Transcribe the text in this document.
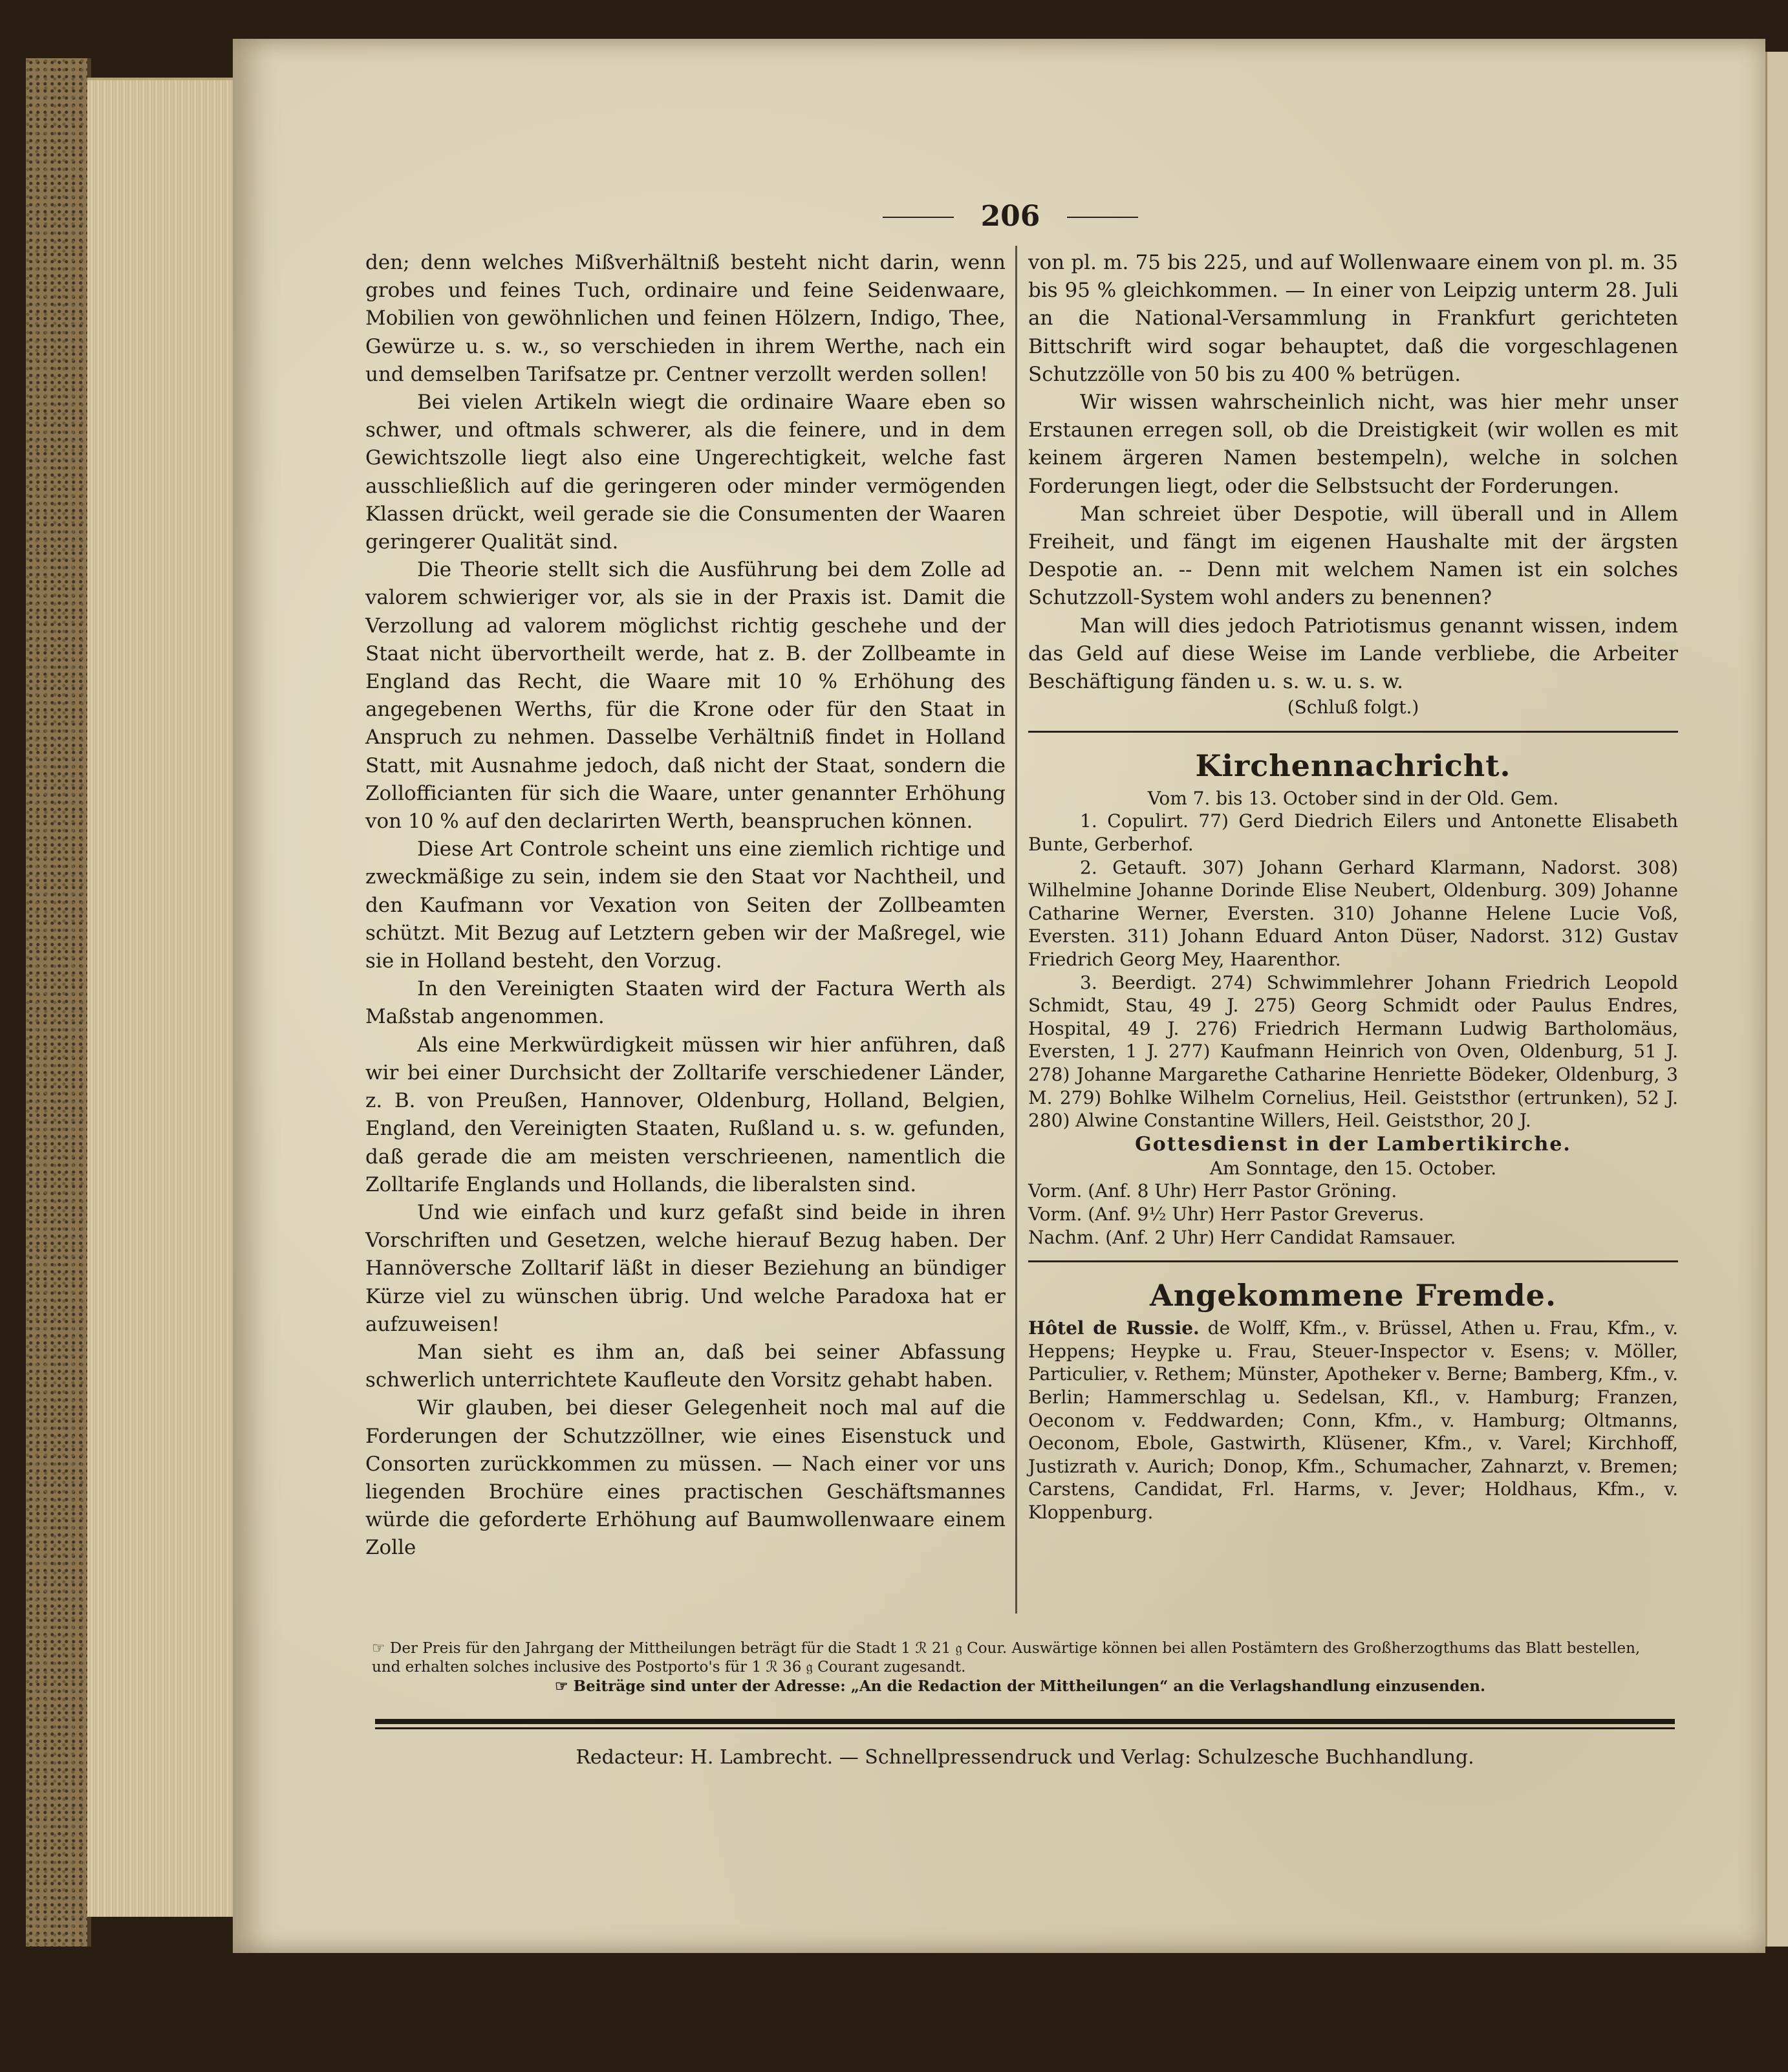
206

den; denn welches Mißverhältniß besteht nicht darin, wenn grobes und feines Tuch, ordinaire und feine Seidenwaare, Mobilien von gewöhnlichen und feinen Hölzern, Indigo, Thee, Gewürze u. s. w., so verschieden in ihrem Werthe, nach ein und demselben Tarifsatze pr. Centner verzollt werden sollen!

Bei vielen Artikeln wiegt die ordinaire Waare eben so schwer, und oftmals schwerer, als die feinere, und in dem Gewichtszolle liegt also eine Ungerechtigkeit, welche fast ausschließlich auf die geringeren oder minder vermögenden Klassen drückt, weil gerade sie die Consumenten der Waaren geringerer Qualität sind.

Die Theorie stellt sich die Ausführung bei dem Zolle ad valorem schwieriger vor, als sie in der Praxis ist. Damit die Verzollung ad valorem möglichst richtig geschehe und der Staat nicht übervortheilt werde, hat z. B. der Zollbeamte in England das Recht, die Waare mit 10 % Erhöhung des angegebenen Werths, für die Krone oder für den Staat in Anspruch zu nehmen. Dasselbe Verhältniß findet in Holland Statt, mit Ausnahme jedoch, daß nicht der Staat, sondern die Zollofficianten für sich die Waare, unter genannter Erhöhung von 10 % auf den declarirten Werth, beanspruchen können.

Diese Art Controle scheint uns eine ziemlich richtige und zweckmäßige zu sein, indem sie den Staat vor Nachtheil, und den Kaufmann vor Vexation von Seiten der Zollbeamten schützt. Mit Bezug auf Letztern geben wir der Maßregel, wie sie in Holland besteht, den Vorzug.

In den Vereinigten Staaten wird der Factura Werth als Maßstab angenommen.

Als eine Merkwürdigkeit müssen wir hier anführen, daß wir bei einer Durchsicht der Zolltarife verschiedener Länder, z. B. von Preußen, Hannover, Oldenburg, Holland, Belgien, England, den Vereinigten Staaten, Rußland u. s. w. gefunden, daß gerade die am meisten verschrieenen, namentlich die Zolltarife Englands und Hollands, die liberalsten sind.

Und wie einfach und kurz gefaßt sind beide in ihren Vorschriften und Gesetzen, welche hierauf Bezug haben. Der Hannöversche Zolltarif läßt in dieser Beziehung an bündiger Kürze viel zu wünschen übrig. Und welche Paradoxa hat er aufzuweisen!

Man sieht es ihm an, daß bei seiner Abfassung schwerlich unterrichtete Kaufleute den Vorsitz gehabt haben.

Wir glauben, bei dieser Gelegenheit noch mal auf die Forderungen der Schutzzöllner, wie eines Eisenstuck und Consorten zurückkommen zu müssen. — Nach einer vor uns liegenden Brochüre eines practischen Geschäftsmannes würde die geforderte Erhöhung auf Baumwollenwaare einem Zolle

von pl. m. 75 bis 225, und auf Wollenwaare einem von pl. m. 35 bis 95 % gleichkommen. — In einer von Leipzig unterm 28. Juli an die National-Versammlung in Frankfurt gerichteten Bittschrift wird sogar behauptet, daß die vorgeschlagenen Schutzzölle von 50 bis zu 400 % betrügen.

Wir wissen wahrscheinlich nicht, was hier mehr unser Erstaunen erregen soll, ob die Dreistigkeit (wir wollen es mit keinem ärgeren Namen bestempeln), welche in solchen Forderungen liegt, oder die Selbstsucht der Forderungen.

Man schreiet über Despotie, will überall und in Allem Freiheit, und fängt im eigenen Haushalte mit der ärgsten Despotie an. -- Denn mit welchem Namen ist ein solches Schutzzoll-System wohl anders zu benennen?

Man will dies jedoch Patriotismus genannt wissen, indem das Geld auf diese Weise im Lande verbliebe, die Arbeiter Beschäftigung fänden u. s. w. u. s. w.

(Schluß folgt.)

Kirchennachricht.

Vom 7. bis 13. October sind in der Old. Gem.

1. Copulirt. 77) Gerd Diedrich Eilers und Antonette Elisabeth Bunte, Gerberhof.

2. Getauft. 307) Johann Gerhard Klarmann, Nadorst. 308) Wilhelmine Johanne Dorinde Elise Neubert, Oldenburg. 309) Johanne Catharine Werner, Eversten. 310) Johanne Helene Lucie Voß, Eversten. 311) Johann Eduard Anton Düser, Nadorst. 312) Gustav Friedrich Georg Mey, Haarenthor.

3. Beerdigt. 274) Schwimmlehrer Johann Friedrich Leopold Schmidt, Stau, 49 J. 275) Georg Schmidt oder Paulus Endres, Hospital, 49 J. 276) Friedrich Hermann Ludwig Bartholomäus, Eversten, 1 J. 277) Kaufmann Heinrich von Oven, Oldenburg, 51 J. 278) Johanne Margarethe Catharine Henriette Bödeker, Oldenburg, 3 M. 279) Bohlke Wilhelm Cornelius, Heil. Geiststhor (ertrunken), 52 J. 280) Alwine Constantine Willers, Heil. Geiststhor, 20 J.

Gottesdienst in der Lambertikirche.

Am Sonntage, den 15. October.

Vorm. (Anf. 8 Uhr) Herr Pastor Gröning.

Vorm. (Anf. 9½ Uhr) Herr Pastor Greverus.

Nachm. (Anf. 2 Uhr) Herr Candidat Ramsauer.

Angekommene Fremde.

Hôtel de Russie. de Wolff, Kfm., v. Brüssel, Athen u. Frau, Kfm., v. Heppens; Heypke u. Frau, Steuer-Inspector v. Esens; v. Möller, Particulier, v. Rethem; Münster, Apotheker v. Berne; Bamberg, Kfm., v. Berlin; Hammerschlag u. Sedelsan, Kfl., v. Hamburg; Franzen, Oeconom v. Feddwarden; Conn, Kfm., v. Hamburg; Oltmanns, Oeconom, Ebole, Gastwirth, Klüsener, Kfm., v. Varel; Kirchhoff, Justizrath v. Aurich; Donop, Kfm., Schumacher, Zahnarzt, v. Bremen; Carstens, Candidat, Frl. Harms, v. Jever; Holdhaus, Kfm., v. Kloppenburg.

☞ Der Preis für den Jahrgang der Mittheilungen beträgt für die Stadt 1 ℛ 21 𝔤 Cour. Auswärtige können bei allen Postämtern des Großherzogthums das Blatt bestellen, und erhalten solches inclusive des Postporto's für 1 ℛ 36 𝔤 Courant zugesandt.

☞ Beiträge sind unter der Adresse: „An die Redaction der Mittheilungen“ an die Verlagshandlung einzusenden.

Redacteur: H. Lambrecht. — Schnellpressendruck und Verlag: Schulzesche Buchhandlung.
